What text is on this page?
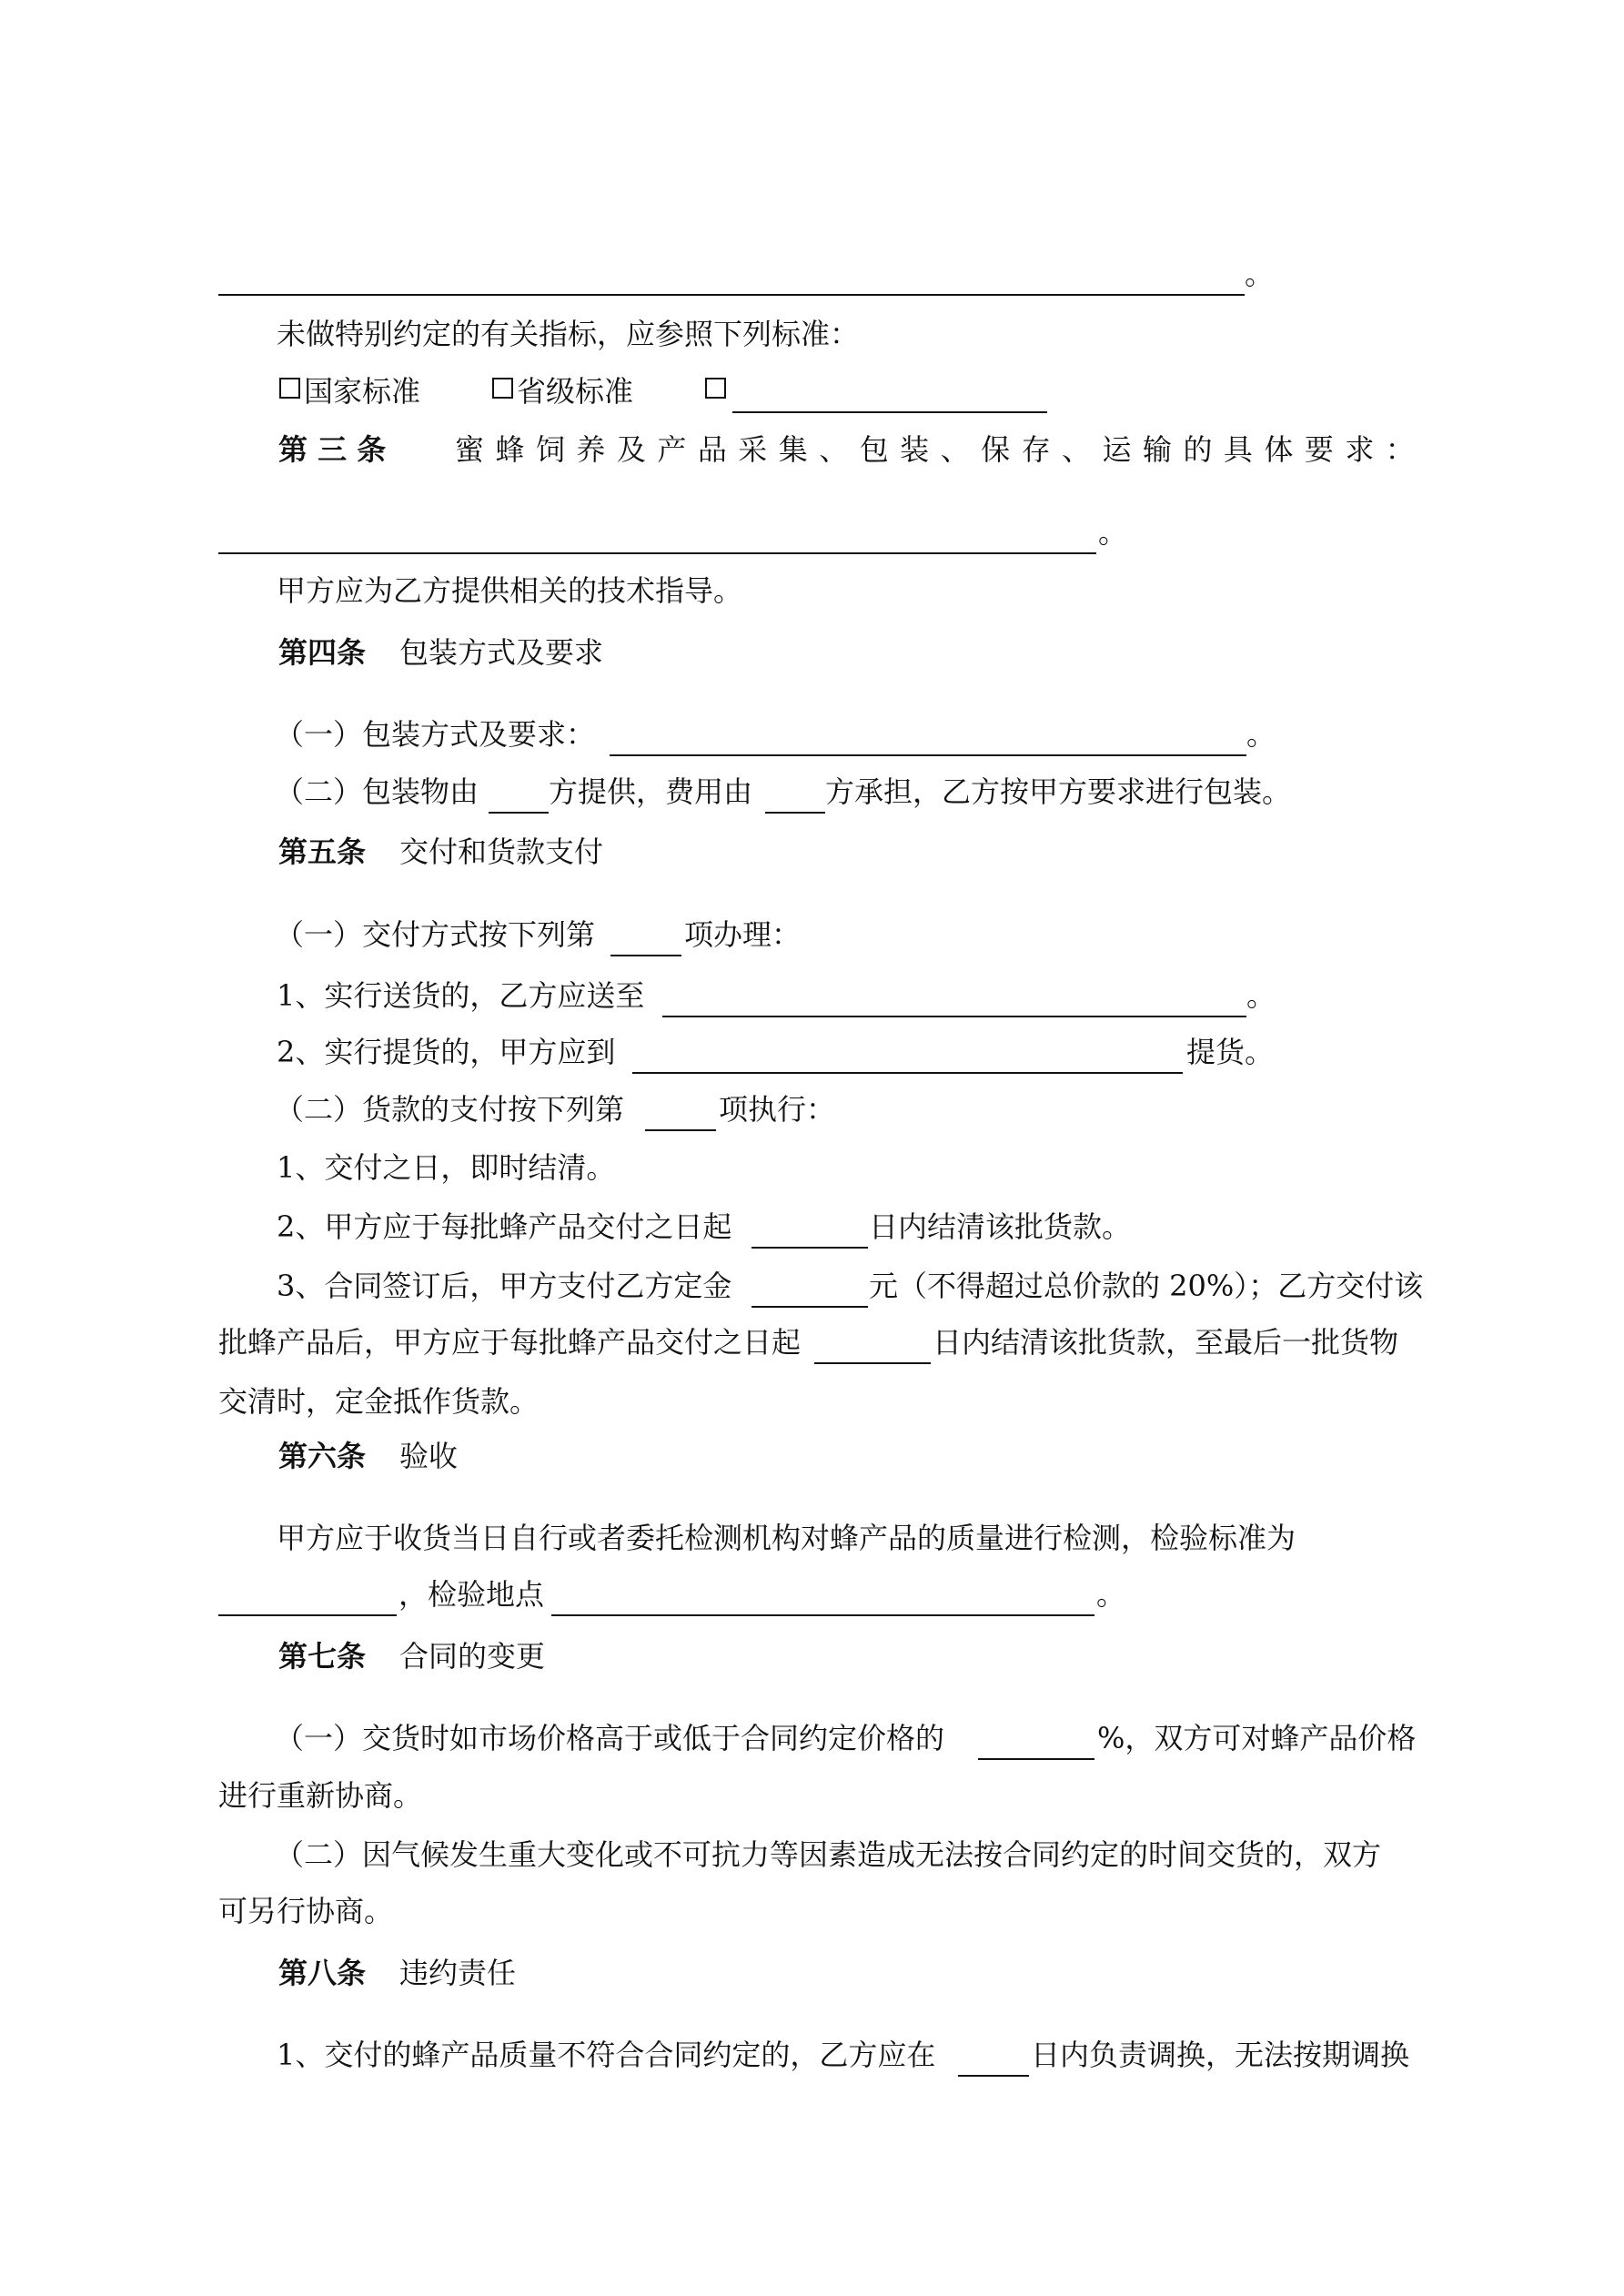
。
未做特别约定的有关指标，应参照下列标准：
国家标准	省级标准
第 三 条 蜜 蜂 饲 养 及 产 品 采 集 、 包 装 、 保 存 、 运 输 的 具 体 要 求 ：
。
甲方应为乙方提供相关的技术指导。
第四条 包装方式及要求
（一）包装方式及要求：	。
（二）包装物由 方提供，费用由 方承担，乙方按甲方要求进行包装。
第五条 交付和货款支付
（一）交付方式按下列第	项办理：
1、实行送货的，乙方应送至	。
2、实行提货的，甲方应到	提货。
（二）货款的支付按下列第	项执行：
1、交付之日，即时结清。
2、甲方应于每批蜂产品交付之日起	日内结清该批货款。
3、合同签订后，甲方支付乙方定金	元（不得超过总价款的 20%）；乙方交付该
批蜂产品后，甲方应于每批蜂产品交付之日起	日内结清该批货款，至最后一批货物
交清时，定金抵作货款。
第六条 验收
甲方应于收货当日自行或者委托检测机构对蜂产品的质量进行检测，检验标准为
，检验地点	。
第七条 合同的变更
（一）交货时如市场价格高于或低于合同约定价格的	%，双方可对蜂产品价格
进行重新协商。
（二）因气候发生重大变化或不可抗力等因素造成无法按合同约定的时间交货的，双方
可另行协商。
第八条 违约责任
1、交付的蜂产品质量不符合合同约定的，乙方应在	日内负责调换，无法按期调换
